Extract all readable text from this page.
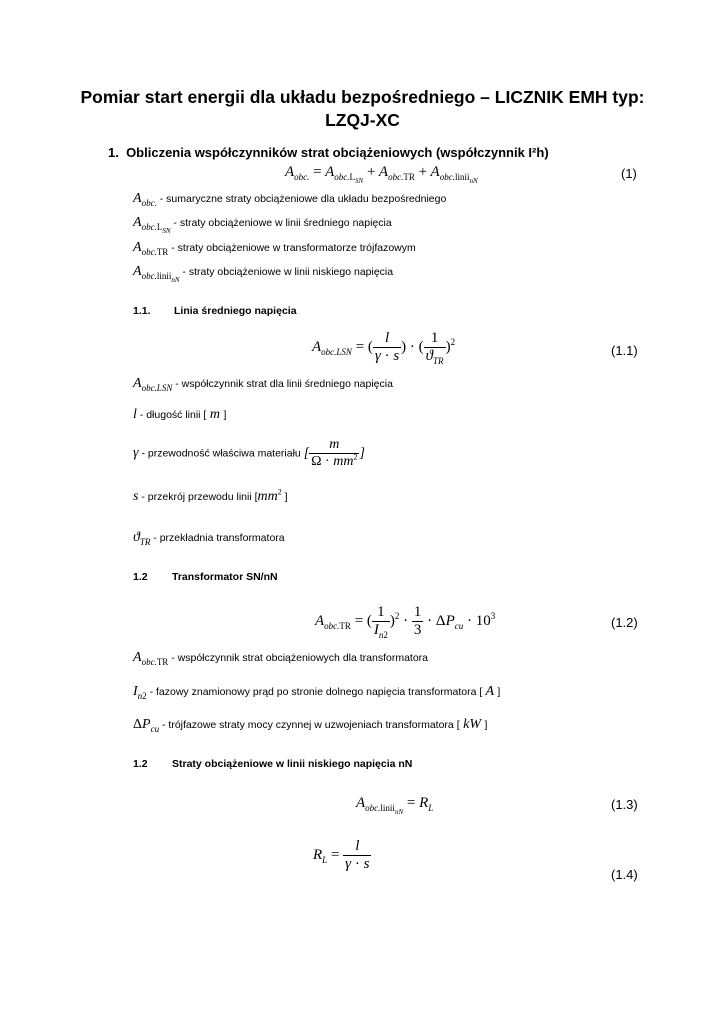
Pomiar start energii dla układu bezpośredniego – LICZNIK EMH typ: LZQJ-XC
1.  Obliczenia współczynników strat obciążeniowych (współczynnik I²h)
$A_{obc.} = A_{obc.L_{SN}} + A_{obc.TR} + A_{obc.linii_{nN}}$	(1)
$A_{obc.}$ - sumaryczne straty obciążeniowe dla układu bezpośredniego
$A_{obc.L_{SN}}$ - straty obciążeniowe w linii średniego napięcia
$A_{obc.TR}$ - straty obciążeniowe w transformatorze trójfazowym
$A_{obc.linii_{nN}}$ - straty obciążeniowe w linii niskiego napięcia
1.1. Linia średniego napięcia
$A_{obc.LSN}$ = ( $\frac{l}{\gamma \cdot s}$ ) · ( $\frac{1}{ϑ_{TR}} )^2$
(1.1)
$A_{obc.LSN}$ - współczynnik strat dla linii średniego napięcia
l - długość linii [ m ]
γ - przewodność właściwa materiału [ $\frac{m}{\Omega \cdot mm^2}$ ]
s - przekrój przewodu linii [$mm^2$ ]
$ϑ_{TR}$ - przekładnia transformatora
1.2 Transformator SN/nN
$A_{obc.TR}$ = ( $\frac{1}{I_{n2}} )^2 \cdot \frac{1}{3} \cdot \Delta P_{cu} \cdot 10^3$	(1.2)
$A_{obc.TR}$ - współczynnik strat obciążeniowych dla transformatora
$I_{n2}$ - fazowy znamionowy prąd po stronie dolnego napięcia transformatora [ A ]
$\Delta P_{cu}$ - trójfazowe straty mocy czynnej w uzwojeniach transformatora [ kW ]
1.2 Straty obciążeniowe w linii niskiego napięcia nN
$A_{obc.linii_{nN}} = R_L$	(1.3)
$R_L = \frac{l}{\gamma \cdot s}$
(1.4)
